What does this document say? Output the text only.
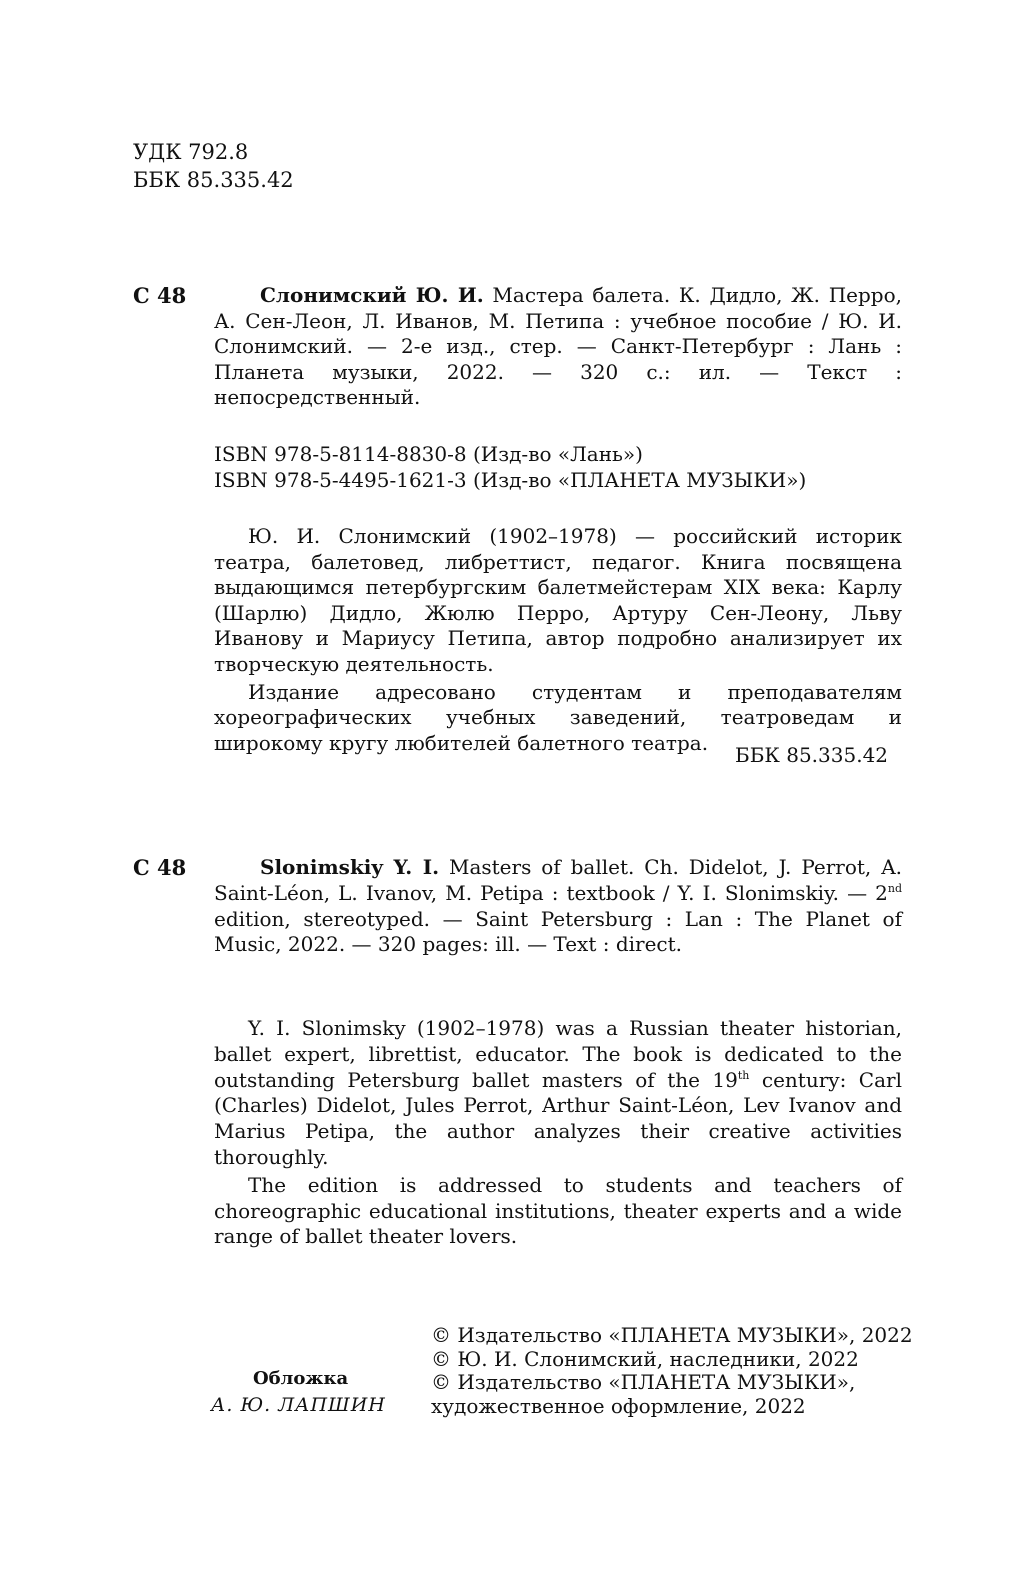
УДК 792.8
ББК 85.335.42
С 48	Слонимский Ю. И. Мастера балета. К. Дидло, Ж. Перро, А. Сен-Леон, Л. Иванов, М. Петипа : учебное пособие / Ю. И. Слонимский. — 2-е изд., стер. — Санкт-Петербург : Лань : Планета музыки, 2022. — 320 с.: ил. — Текст : непосредственный.
ISBN 978-5-8114-8830-8 (Изд-во «Лань»)
ISBN 978-5-4495-1621-3 (Изд-во «ПЛАНЕТА МУЗЫКИ»)

Ю. И. Слонимский (1902–1978) — российский историк театра, балетовед, либреттист, педагог. Книга посвящена выдающимся петербургским балетмейстерам XIX века: Карлу (Шарлю) Дидло, Жюлю Перро, Артуру Сен-Леону, Льву Иванову и Мариусу Петипа, автор подробно анализирует их творческую деятельность.

Издание адресовано студентам и преподавателям хореографических учебных заведений, театроведам и широкому кругу любителей балетного театра.

ББК 85.335.42
С 48	Slonimskiy Y. I. Masters of ballet. Ch. Didelot, J. Perrot, A. Saint-Léon, L. Ivanov, M. Petipa : textbook / Y. I. Slonimskiy. — 2nd edition, stereotyped. — Saint Petersburg : Lan : The Planet of Music, 2022. — 320 pages: ill. — Text : direct.

Y. I. Slonimsky (1902–1978) was a Russian theater historian, ballet expert, librettist, educator. The book is dedicated to the outstanding Petersburg ballet masters of the 19th century: Carl (Charles) Didelot, Jules Perrot, Arthur Saint-Léon, Lev Ivanov and Marius Petipa, the author analyzes their creative activities thoroughly.

The edition is addressed to students and teachers of choreographic educational institutions, theater experts and a wide range of ballet theater lovers.

Обложка
А. Ю. ЛАПШИН
© Издательство «ПЛАНЕТА МУЗЫКИ», 2022
© Ю. И. Слонимский, наследники, 2022
© Издательство «ПЛАНЕТА МУЗЫКИ», художественное оформление, 2022
